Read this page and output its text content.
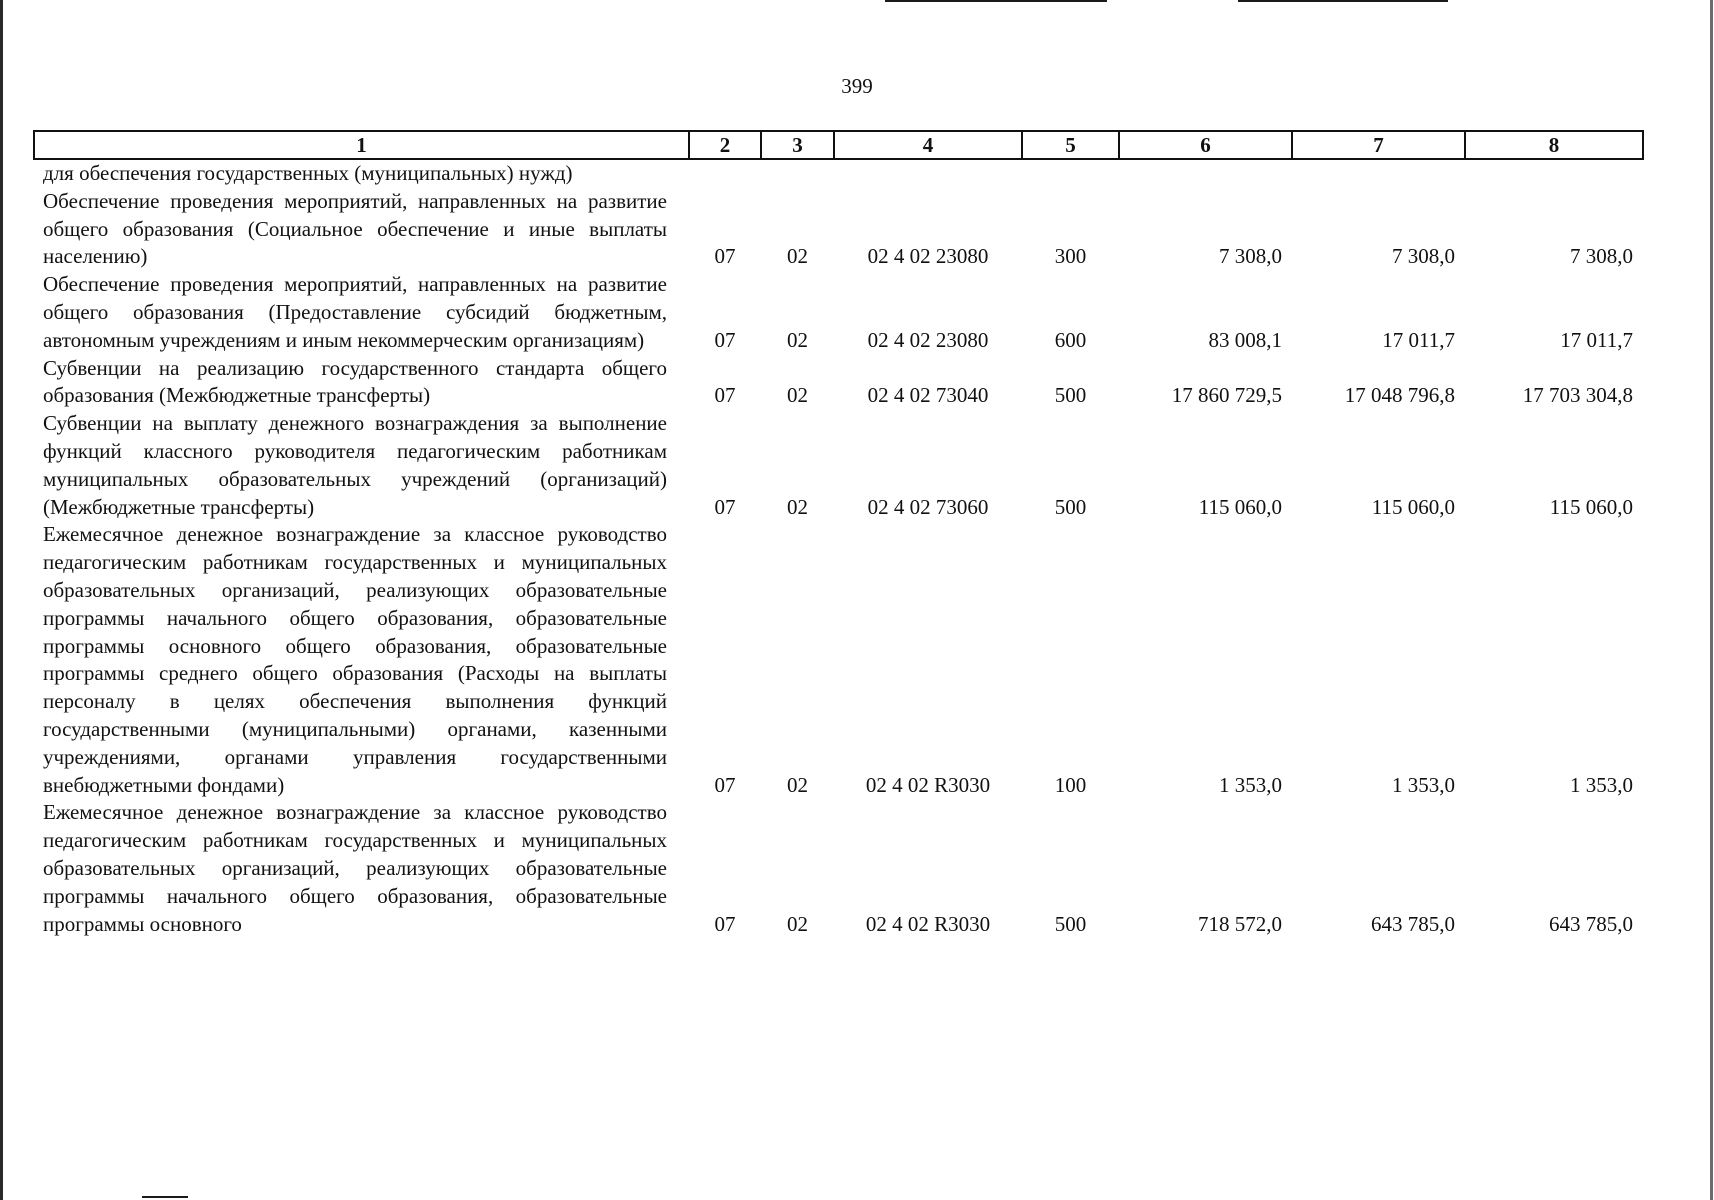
399
1	2	3	4	5	6	7	8
для обеспечения государственных (муниципальных) нужд)							
Обеспечение проведения мероприятий, направленных на развитие общего образования (Социальное обеспечение и иные выплаты населению)	07	02	02 4 02 23080	300	7 308,0	7 308,0	7 308,0
Обеспечение проведения мероприятий, направленных на развитие общего образования (Предоставление субсидий бюджетным, автономным учреждениям и иным некоммерческим организациям)	07	02	02 4 02 23080	600	83 008,1	17 011,7	17 011,7
Субвенции на реализацию государственного стандарта общего образования (Межбюджетные трансферты)	07	02	02 4 02 73040	500	17 860 729,5	17 048 796,8	17 703 304,8
Субвенции на выплату денежного вознаграждения за выполнение функций классного руководителя педагогическим работникам муниципальных образовательных учреждений (организаций) (Межбюджетные трансферты)	07	02	02 4 02 73060	500	115 060,0	115 060,0	115 060,0
Ежемесячное денежное вознаграждение за классное руководство педагогическим работникам государственных и муниципальных образовательных организаций, реализующих образовательные программы начального общего образования, образовательные программы основного общего образования, образовательные программы среднего общего образования (Расходы на выплаты персоналу в целях обеспечения выполнения функций государственными (муниципальными) органами, казенными учреждениями, органами управления государственными внебюджетными фондами)	07	02	02 4 02 R3030	100	1 353,0	1 353,0	1 353,0
Ежемесячное денежное вознаграждение за классное руководство педагогическим работникам государственных и муниципальных образовательных организаций, реализующих образовательные программы начального общего образования, образовательные программы основного	07	02	02 4 02 R3030	500	718 572,0	643 785,0	643 785,0
